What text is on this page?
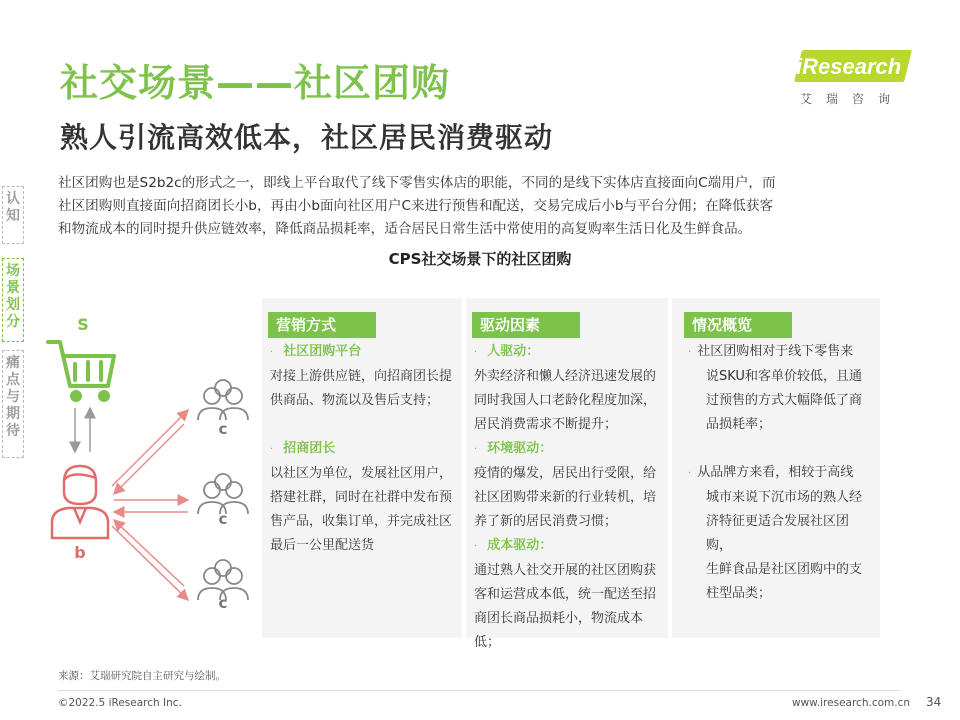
社交场景——社区团购
熟人引流高效低本，社区居民消费驱动
iResearch
艾瑞咨询

社区团购也是S2b2c的形式之一，即线上平台取代了线下零售实体店的职能，不同的是线下实体店直接面向C端用户，而

社区团购则直接面向招商团长小b，再由小b面向社区用户C来进行预售和配送，交易完成后小b与平台分佣；在降低获客

和物流成本的同时提升供应链效率，降低商品损耗率，适合居民日常生活中常使用的高复购率生活日化及生鲜食品。

CPS社交场景下的社区团购
认
知
场
景
划
分
痛
点
与
期
待
S
b
c
c
c
营销方式
· 社区团购平台
对接上游供应链，向招商团长提
供商品、物流以及售后支持；
· 招商团长
以社区为单位，发展社区用户，
搭建社群，同时在社群中发布预
售产品，收集订单，并完成社区
最后一公里配送货
驱动因素
· 人驱动：
外卖经济和懒人经济迅速发展的
同时我国人口老龄化程度加深，
居民消费需求不断提升；
· 环境驱动：
疫情的爆发，居民出行受限，给
社区团购带来新的行业转机，培
养了新的居民消费习惯；
· 成本驱动：
通过熟人社交开展的社区团购获
客和运营成本低，统一配送至招
商团长商品损耗小，物流成本低；
情况概览
· 社区团购相对于线下零售来
说SKU和客单价较低，且通
过预售的方式大幅降低了商
品损耗率；
· 从品牌方来看，相较于高线
城市来说下沉市场的熟人经
济特征更适合发展社区团购，
生鲜食品是社区团购中的支
柱型品类；
来源：艾瑞研究院自主研究与绘制。
©2022.5 iResearch Inc.	www.iresearch.com.cn 34
